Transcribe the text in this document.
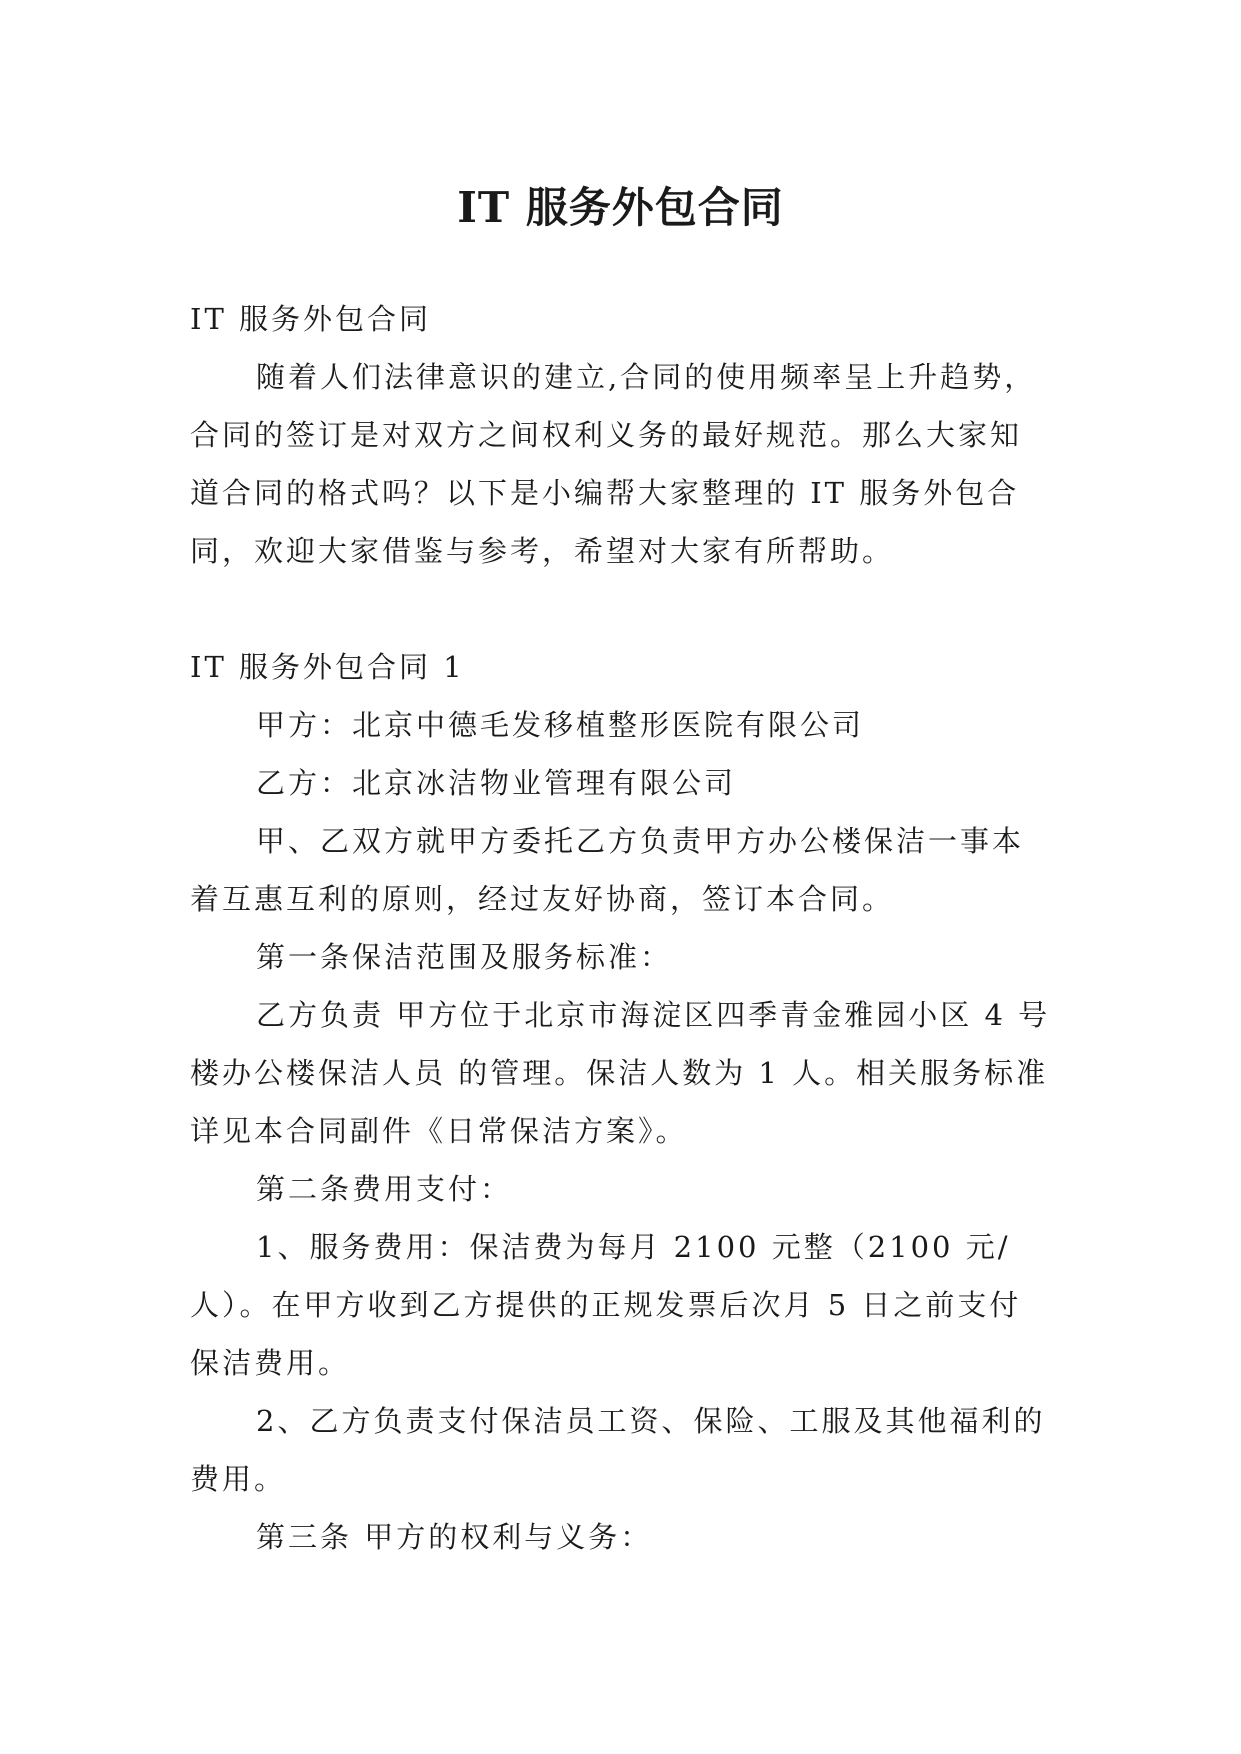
IT 服务外包合同

IT 服务外包合同

随着人们法律意识的建立,合同的使用频率呈上升趋势，合同的签订是对双方之间权利义务的最好规范。那么大家知道合同的格式吗？以下是小编帮大家整理的 IT 服务外包合同，欢迎大家借鉴与参考，希望对大家有所帮助。

IT 服务外包合同 1

甲方：北京中德毛发移植整形医院有限公司

乙方：北京冰洁物业管理有限公司

甲、乙双方就甲方委托乙方负责甲方办公楼保洁一事本着互惠互利的原则，经过友好协商，签订本合同。

第一条保洁范围及服务标准：

乙方负责 甲方位于北京市海淀区四季青金雅园小区 4 号楼办公楼保洁人员 的管理。保洁人数为 1 人。相关服务标准详见本合同副件《日常保洁方案》。

第二条费用支付：

1、服务费用：保洁费为每月 2100 元整（2100 元/人）。在甲方收到乙方提供的正规发票后次月 5 日之前支付保洁费用。

2、乙方负责支付保洁员工资、保险、工服及其他福利的费用。

第三条 甲方的权利与义务：
